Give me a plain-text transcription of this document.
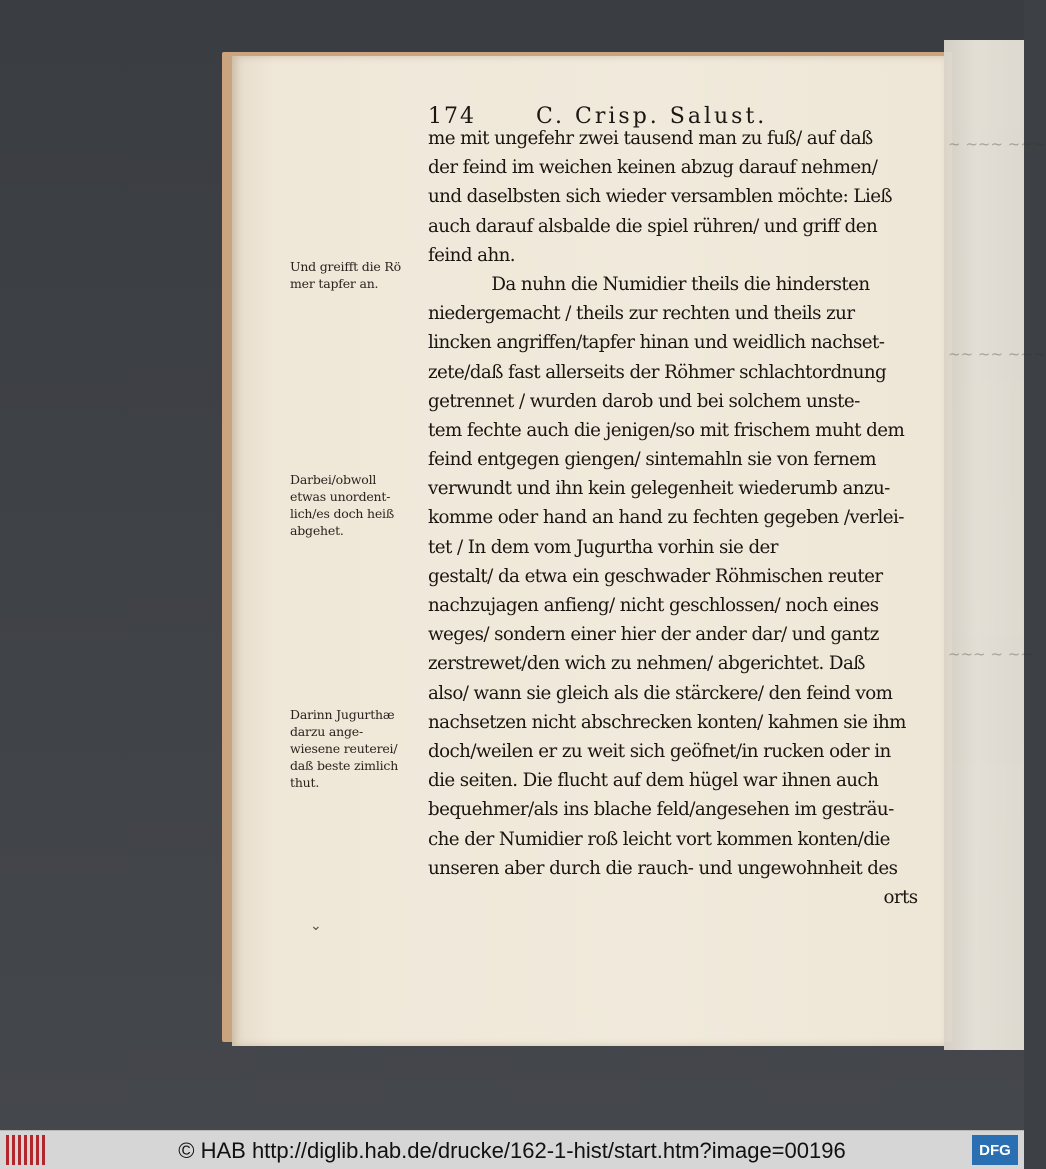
~ ~~~ ~~~
~~ ~~ ~~~
~~~ ~ ~~
174	C. Crisp. Salust.
me mit ungefehr zwei tausend man zu fuß/ auf daß
der feind im weichen keinen abzug darauf nehmen/
und daselbsten sich wieder versamblen möchte: Ließ
auch darauf alsbalde die spiel rühren/ und griff den
feind ahn.
Da nuhn die Numidier theils die hindersten
niedergemacht / theils zur rechten und theils zur
lincken angriffen/tapfer hinan und weidlich nachset-
zete/daß fast allerseits der Röhmer schlachtordnung
getrennet / wurden darob und bei solchem unste-
tem fechte auch die jenigen/so mit frischem muht dem
feind entgegen giengen/ sintemahln sie von fernem
verwundt und ihn kein gelegenheit wiederumb anzu-
komme oder hand an hand zu fechten gegeben /verlei-
tet / In dem vom Jugurtha vorhin sie der
gestalt/ da etwa ein geschwader Röhmischen reuter
nachzujagen anfieng/ nicht geschlossen/ noch eines
weges/ sondern einer hier der ander dar/ und gantz
zerstrewet/den wich zu nehmen/ abgerichtet. Daß
also/ wann sie gleich als die stärckere/ den feind vom
nachsetzen nicht abschrecken konten/ kahmen sie ihm
doch/weilen er zu weit sich geöfnet/in rucken oder in
die seiten. Die flucht auf dem hügel war ihnen auch
bequehmer/als ins blache feld/angesehen im gesträu-
che der Numidier roß leicht vort kommen konten/die
unseren aber durch die rauch- und ungewohnheit des
orts
Und greifft die Rö
mer tapfer an.
Darbei/obwoll
etwas unordent-
lich/es doch heiß
abgehet.
Darinn Jugurthæ
darzu ange-
wiesene reuterei/
daß beste zimlich
thut.
⌄
© HAB http://diglib.hab.de/drucke/162-1-hist/start.htm?image=00196	DFG
